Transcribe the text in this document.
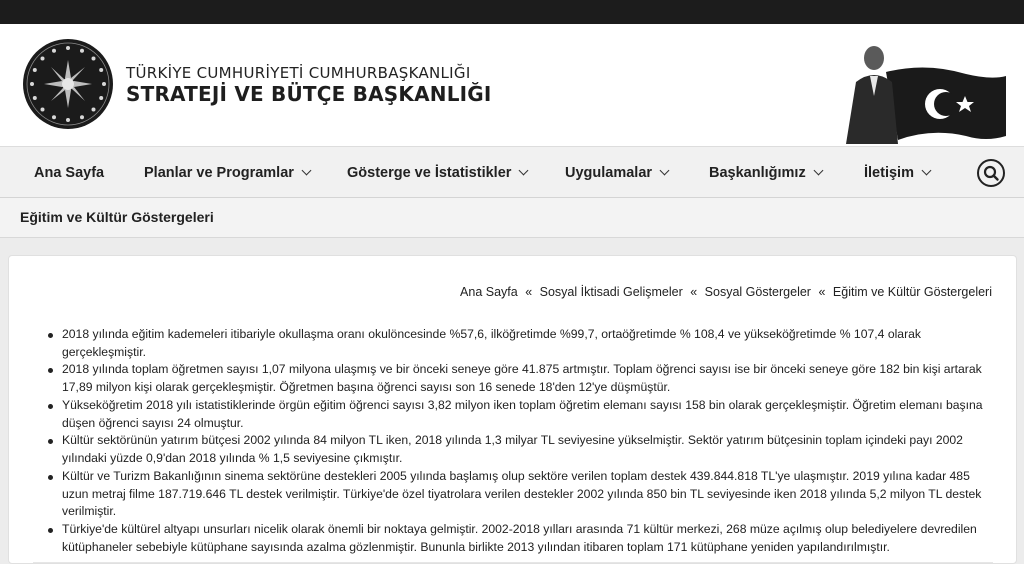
TÜRKİYE CUMHURİYETİ CUMHURBAŞKANLIĞI
STRATEJİ VE BÜTÇE BAŞKANLIĞI
Ana Sayfa	Planlar ve Programlar	Gösterge ve İstatistikler	Uygulamalar	Başkanlığımız	İletişim
Eğitim ve Kültür Göstergeleri
Ana Sayfa « Sosyal İktisadi Gelişmeler « Sosyal Göstergeler « Eğitim ve Kültür Göstergeleri
2018 yılında eğitim kademeleri itibariyle okullaşma oranı okulöncesinde %57,6, ilköğretimde %99,7, ortaöğretimde % 108,4 ve yükseköğretimde % 107,4 olarak gerçekleşmiştir.
2018 yılında toplam öğretmen sayısı 1,07 milyona ulaşmış ve bir önceki seneye göre 41.875 artmıştır. Toplam öğrenci sayısı ise bir önceki seneye göre 182 bin kişi artarak 17,89 milyon kişi olarak gerçekleşmiştir. Öğretmen başına öğrenci sayısı son 16 senede 18'den 12'ye düşmüştür.
Yükseköğretim 2018 yılı istatistiklerinde örgün eğitim öğrenci sayısı 3,82 milyon iken toplam öğretim elemanı sayısı 158 bin olarak gerçekleşmiştir. Öğretim elemanı başına düşen öğrenci sayısı 24 olmuştur.
Kültür sektörünün yatırım bütçesi 2002 yılında 84 milyon TL iken, 2018 yılında 1,3 milyar TL seviyesine yükselmiştir. Sektör yatırım bütçesinin toplam içindeki payı 2002 yılındaki yüzde 0,9'dan 2018 yılında % 1,5 seviyesine çıkmıştır.
Kültür ve Turizm Bakanlığının sinema sektörüne destekleri 2005 yılında başlamış olup sektöre verilen toplam destek 439.844.818 TL'ye ulaşmıştır. 2019 yılına kadar 485 uzun metraj filme 187.719.646 TL destek verilmiştir. Türkiye'de özel tiyatrolara verilen destekler 2002 yılında 850 bin TL seviyesinde iken 2018 yılında 5,2 milyon TL destek verilmiştir.
Türkiye'de kültürel altyapı unsurları nicelik olarak önemli bir noktaya gelmiştir. 2002-2018 yılları arasında 71 kültür merkezi, 268 müze açılmış olup belediyelere devredilen kütüphaneler sebebiyle kütüphane sayısında azalma gözlenmiştir. Bununla birlikte 2013 yılından itibaren toplam 171 kütüphane yeniden yapılandırılmıştır.
